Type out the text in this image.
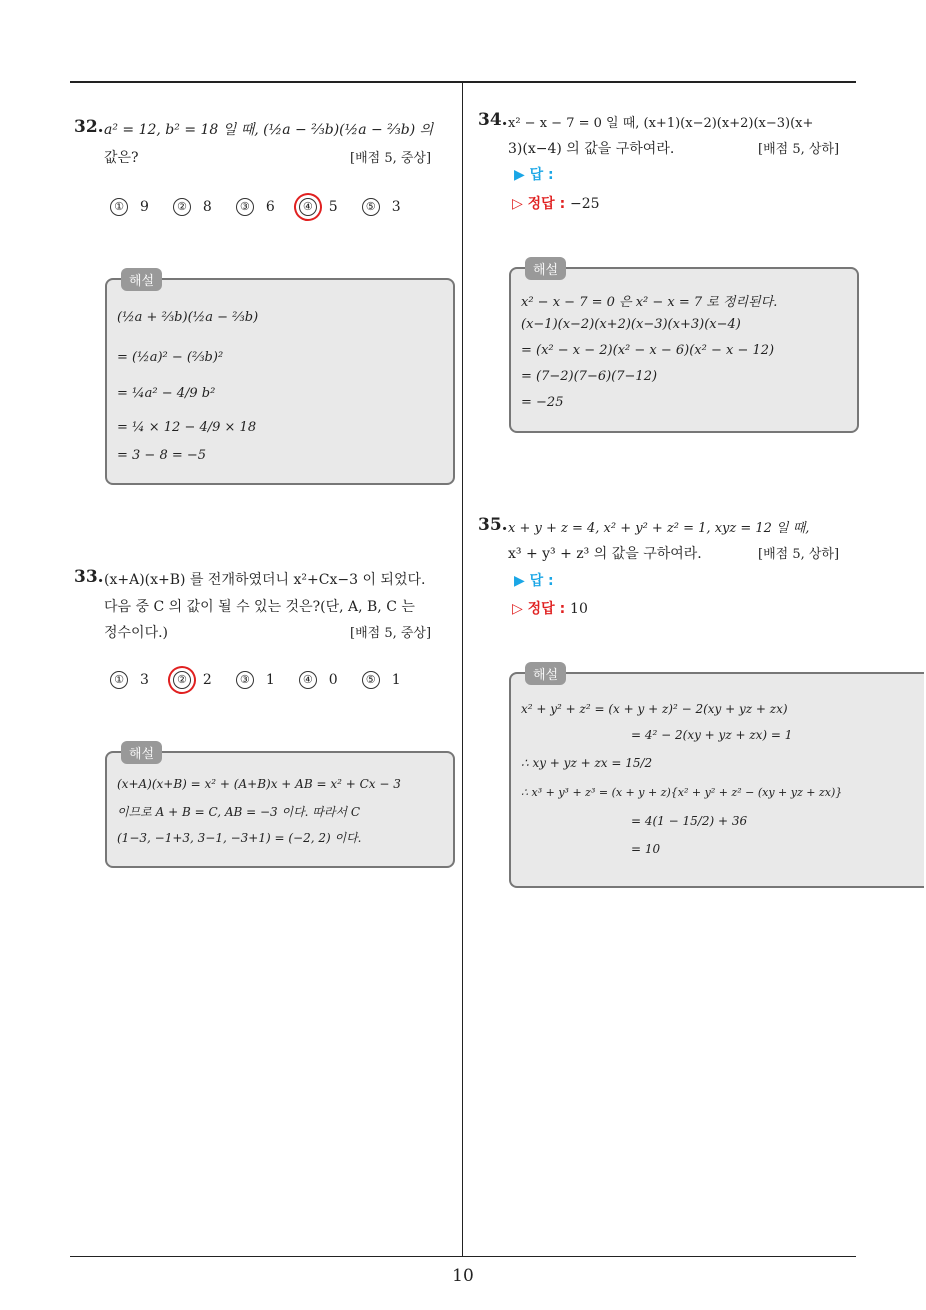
32. a² = 12, b² = 18 일 때, (½a − ⅔b)(½a − ⅔b) 의
값은?	[배점 5, 중상]
① 9	② 8	③ 6	④	5	⑤ 3
해설
(½a + ⅔b)(½a − ⅔b)
= (½a)² − (⅔b)²
= ¼a² − 4/9 b²
= ¼ × 12 − 4/9 × 18
= 3 − 8 = −5
33. (x+A)(x+B) 를 전개하였더니 x²+Cx−3 이 되었다.
다음 중 C 의 값이 될 수 있는 것은?(단, A, B, C 는
정수이다.)	[배점 5, 중상]
① 3	②	2	③ 1	④ 0	⑤ 1
해설
(x+A)(x+B) = x² + (A+B)x + AB = x² + Cx − 3
이므로 A + B = C, AB = −3 이다. 따라서 C
(1−3, −1+3, 3−1, −3+1) = (−2, 2) 이다.
34. x² − x − 7 = 0 일 때, (x+1)(x−2)(x+2)(x−3)(x+
3)(x−4) 의 값을 구하여라.	[배점 5, 상하]
▶ 답 :
▷ 정답 : −25
해설
x² − x − 7 = 0 은 x² − x = 7 로 정리된다.
(x−1)(x−2)(x+2)(x−3)(x+3)(x−4)
= (x² − x − 2)(x² − x − 6)(x² − x − 12)
= (7−2)(7−6)(7−12)
= −25
35. x + y + z = 4, x² + y² + z² = 1, xyz = 12 일 때,
x³ + y³ + z³ 의 값을 구하여라.	[배점 5, 상하]
▶ 답 :
▷ 정답 : 10
해설
x² + y² + z² = (x + y + z)² − 2(xy + yz + zx)
= 4² − 2(xy + yz + zx) = 1
∴ xy + yz + zx = 15/2
∴ x³ + y³ + z³ = (x + y + z){x² + y² + z² − (xy + yz + zx)}
= 4(1 − 15/2) + 36
= 10
10
